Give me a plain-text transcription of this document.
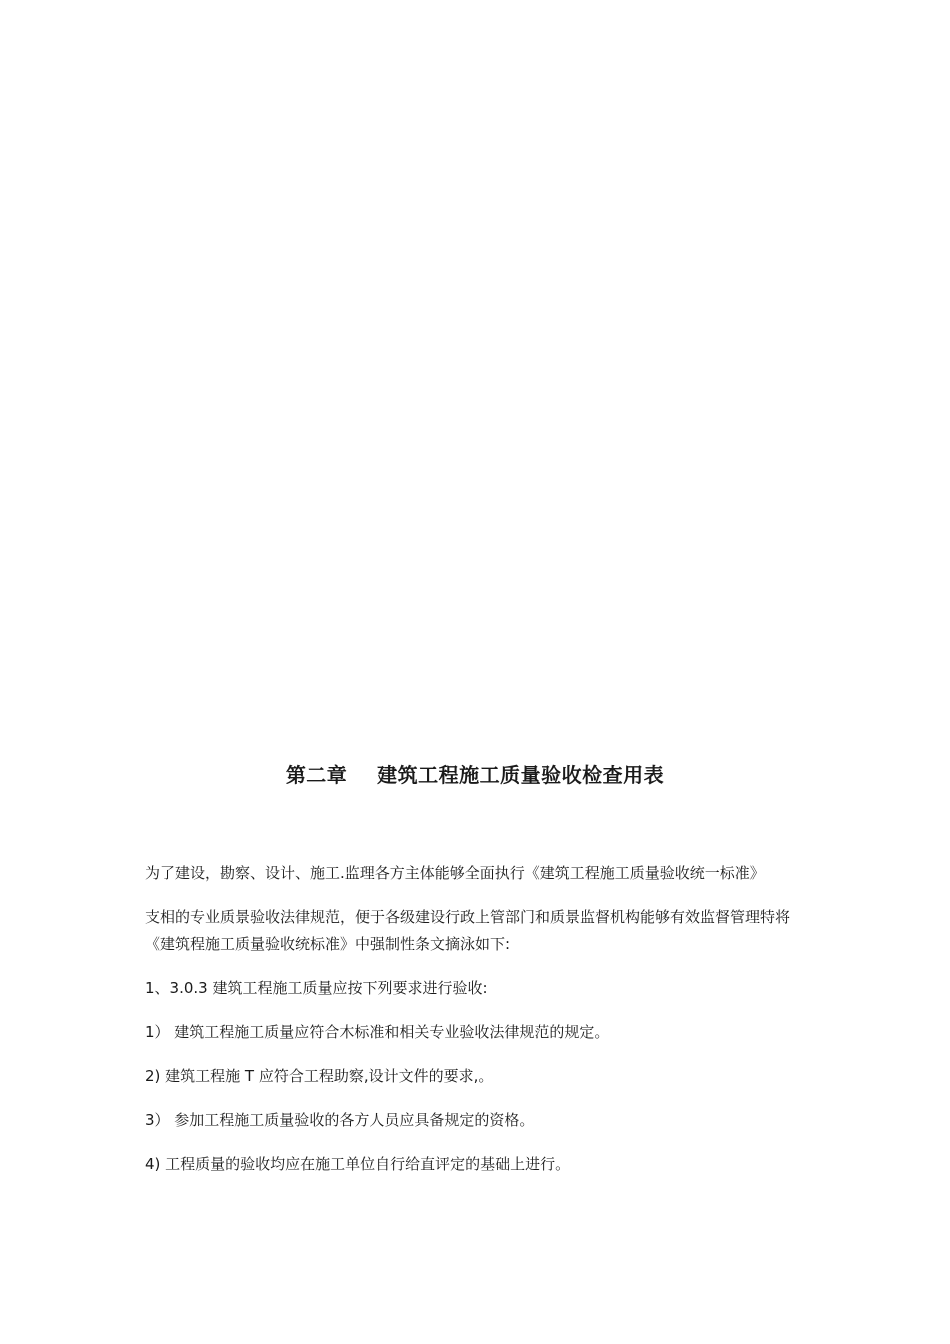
第二章    建筑工程施工质量验收检查用表

为了建设，勘察、设计、施工.监理各方主体能够全面执行《建筑工程施工质量验收统一标准》

支相的专业质景验收法律规范，便于各级建设行政上管部门和质景监督机构能够有效监督管理特将《建筑程施工质量验收统标准》中强制性条文摘泳如下:

1、3.0.3 建筑工程施工质量应按下列要求进行验收:

1） 建筑工程施工质量应符合木标准和相关专业验收法律规范的规定。

2) 建筑工程施 T 应符合工程助察,设计文件的要求,。

3） 参加工程施工质量验收的各方人员应具备规定的资格。

4) 工程质量的验收均应在施工单位自行给直评定的基础上进行。
